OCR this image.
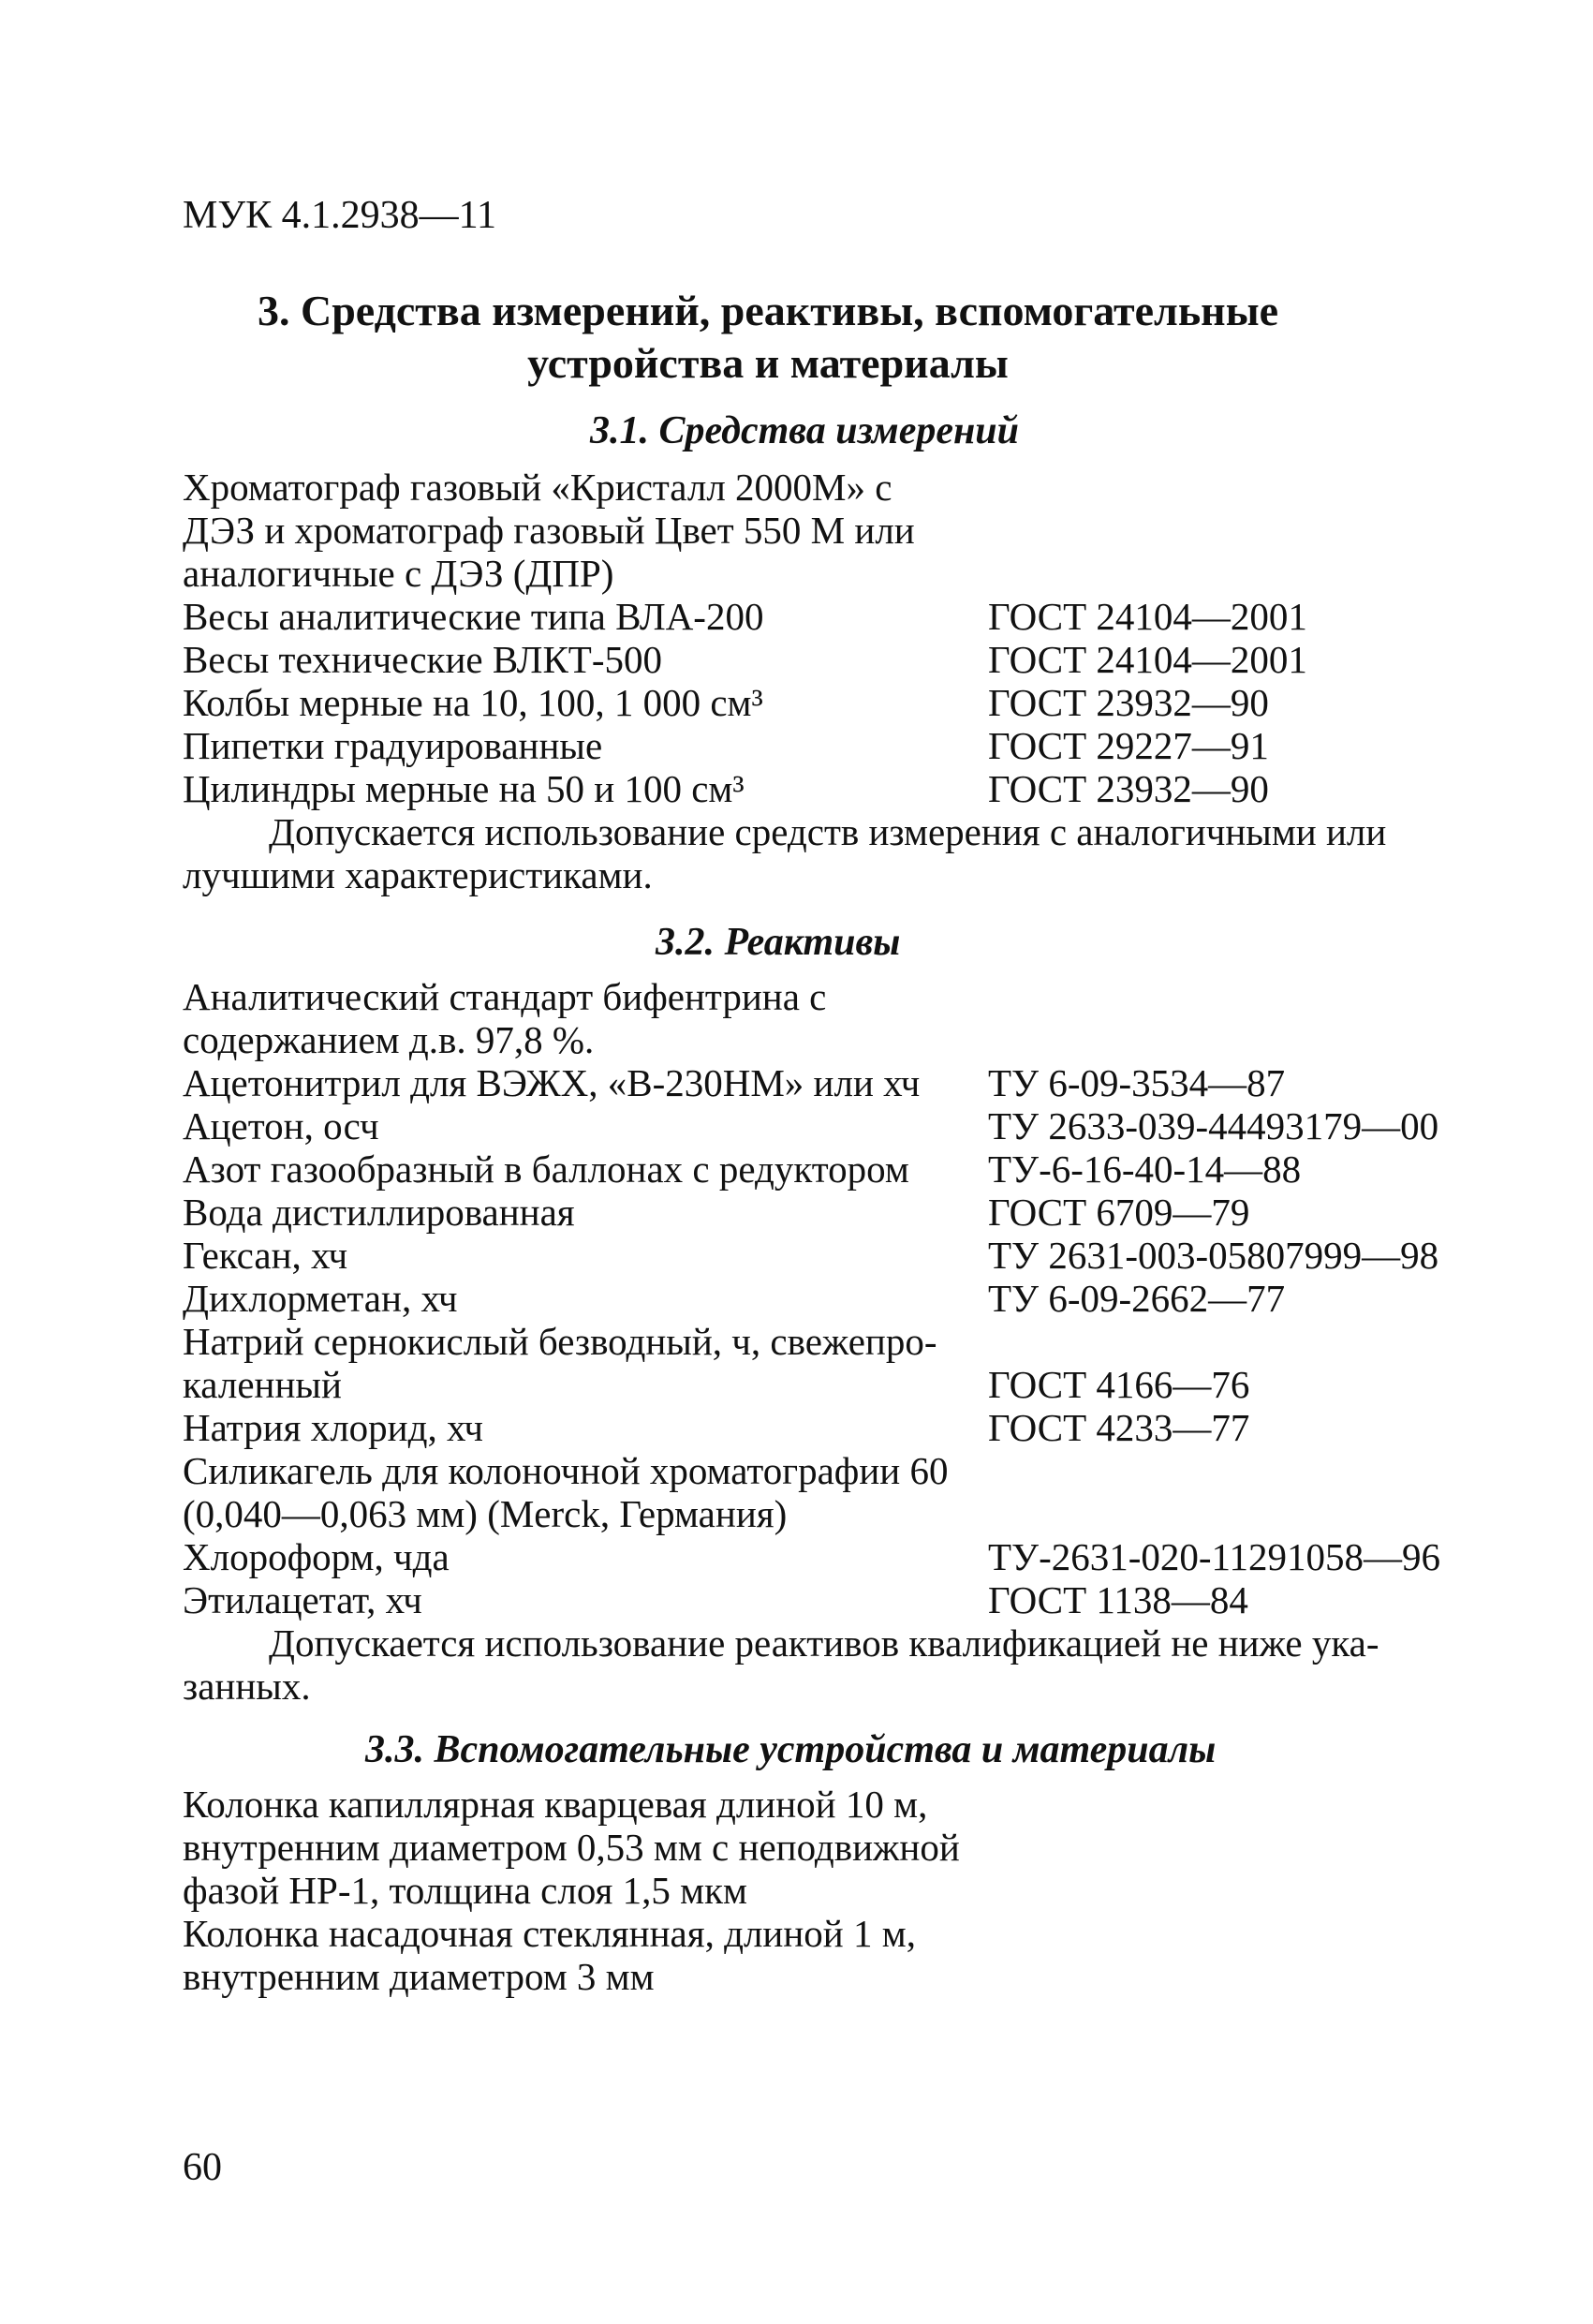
МУК 4.1.2938—11
3. Средства измерений, реактивы, вспомогательные
устройства и материалы
3.1. Средства измерений
Хроматограф газовый «Кристалл 2000М» с
ДЭЗ и хроматограф газовый Цвет 550 М или
аналогичные с ДЭЗ (ДПР)
Весы аналитические типа ВЛА-200	ГОСТ 24104—2001
Весы технические ВЛКТ-500	ГОСТ 24104—2001
Колбы мерные на 10, 100, 1 000 см³	ГОСТ 23932—90
Пипетки градуированные	ГОСТ 29227—91
Цилиндры мерные на 50 и 100 см³	ГОСТ 23932—90
Допускается использование средств измерения с аналогичными или
лучшими характеристиками.
3.2. Реактивы
Аналитический стандарт бифентрина с
содержанием д.в. 97,8 %.
Ацетонитрил для ВЭЖХ, «В-230НМ» или хч ТУ 6-09-3534—87
Ацетон, осч	ТУ 2633-039-44493179—00
Азот газообразный в баллонах с редуктором ТУ-6-16-40-14—88
Вода дистиллированная	ГОСТ 6709—79
Гексан, хч	ТУ 2631-003-05807999—98
Дихлорметан, хч	ТУ 6-09-2662—77
Натрий сернокислый безводный, ч, свежепро-
каленный	ГОСТ 4166—76
Натрия хлорид, хч	ГОСТ 4233—77
Силикагель для колоночной хроматографии 60
(0,040—0,063 мм) (Merck, Германия)
Хлороформ, чда	ТУ-2631-020-11291058—96
Этилацетат, хч	ГОСТ 1138—84
Допускается использование реактивов квалификацией не ниже ука-
занных.
3.3. Вспомогательные устройства и материалы
Колонка капиллярная кварцевая длиной 10 м,
внутренним диаметром 0,53 мм с неподвижной
фазой НР-1, толщина слоя 1,5 мкм
Колонка насадочная стеклянная, длиной 1 м,
внутренним диаметром 3 мм
60
